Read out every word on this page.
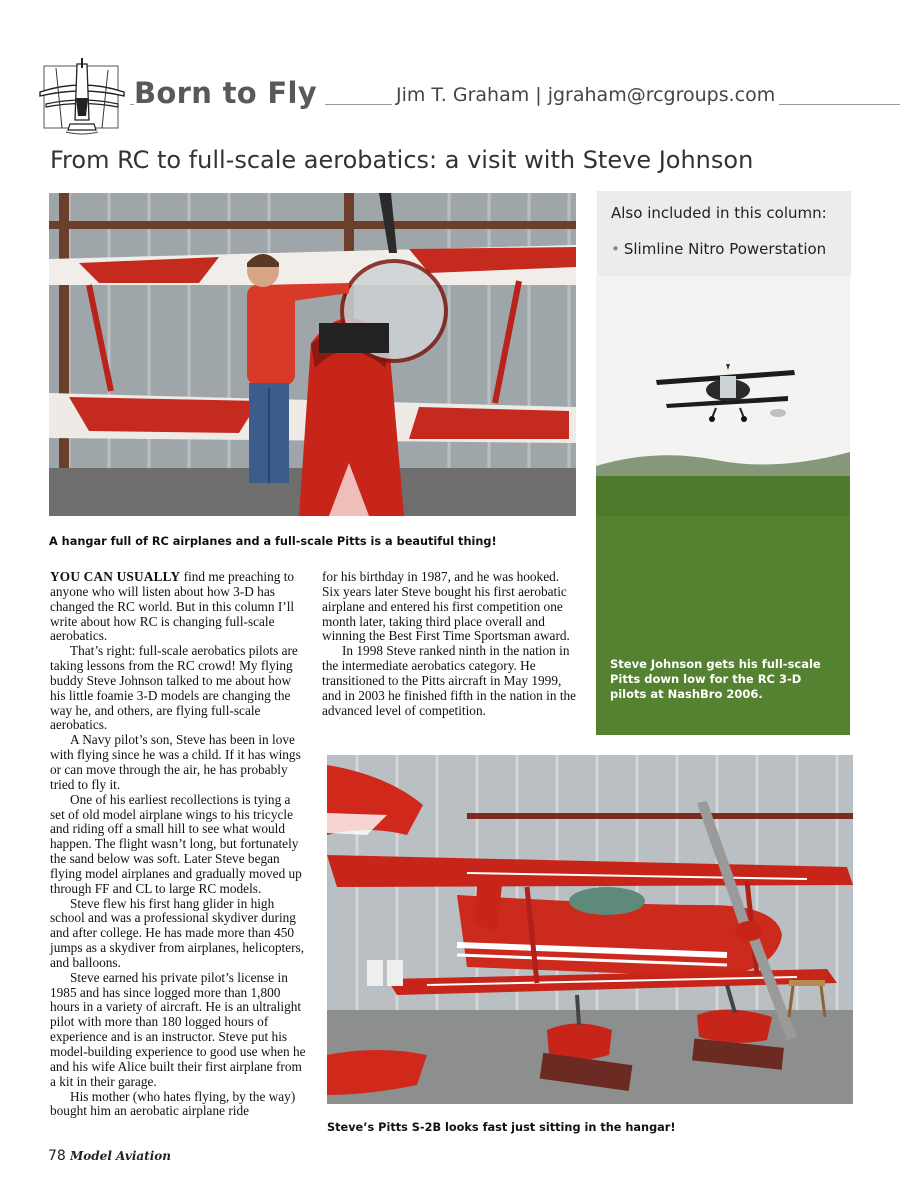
Born to Fly	Jim T. Graham | jgraham@rcgroups.com
From RC to full-scale aerobatics: a visit with Steve Johnson
Also included in this column:
• Slimline Nitro Powerstation
Steve Johnson gets his full-scale Pitts down low for the RC 3-D pilots at NashBro 2006.
A hangar full of RC airplanes and a full-scale Pitts is a beautiful thing!

YOU CAN USUALLY find me preaching to anyone who will listen about how 3-D has changed the RC world. But in this column I’ll write about how RC is changing full-scale aerobatics.

That’s right: full-scale aerobatics pilots are taking lessons from the RC crowd! My flying buddy Steve Johnson talked to me about how his little foamie 3-D models are changing the way he, and others, are flying full-scale aerobatics.

A Navy pilot’s son, Steve has been in love with flying since he was a child. If it has wings or can move through the air, he has probably tried to fly it.

One of his earliest recollections is tying a set of old model airplane wings to his tricycle and riding off a small hill to see what would happen. The flight wasn’t long, but fortunately the sand below was soft. Later Steve began flying model airplanes and gradually moved up through FF and CL to large RC models.

Steve flew his first hang glider in high school and was a professional skydiver during and after college. He has made more than 450 jumps as a skydiver from airplanes, helicopters, and balloons.

Steve earned his private pilot’s license in 1985 and has since logged more than 1,800 hours in a variety of aircraft. He is an ultralight pilot with more than 180 logged hours of experience and is an instructor. Steve put his model-building experience to good use when he and his wife Alice built their first airplane from a kit in their garage.

His mother (who hates flying, by the way) bought him an aerobatic airplane ride

for his birthday in 1987, and he was hooked. Six years later Steve bought his first aerobatic airplane and entered his first competition one month later, taking third place overall and winning the Best First Time Sportsman award.

In 1998 Steve ranked ninth in the nation in the intermediate aerobatics category. He transitioned to the Pitts aircraft in May 1999, and in 2003 he finished fifth in the nation in the advanced level of competition.

Steve’s Pitts S-2B looks fast just sitting in the hangar!
78 Model Aviation
